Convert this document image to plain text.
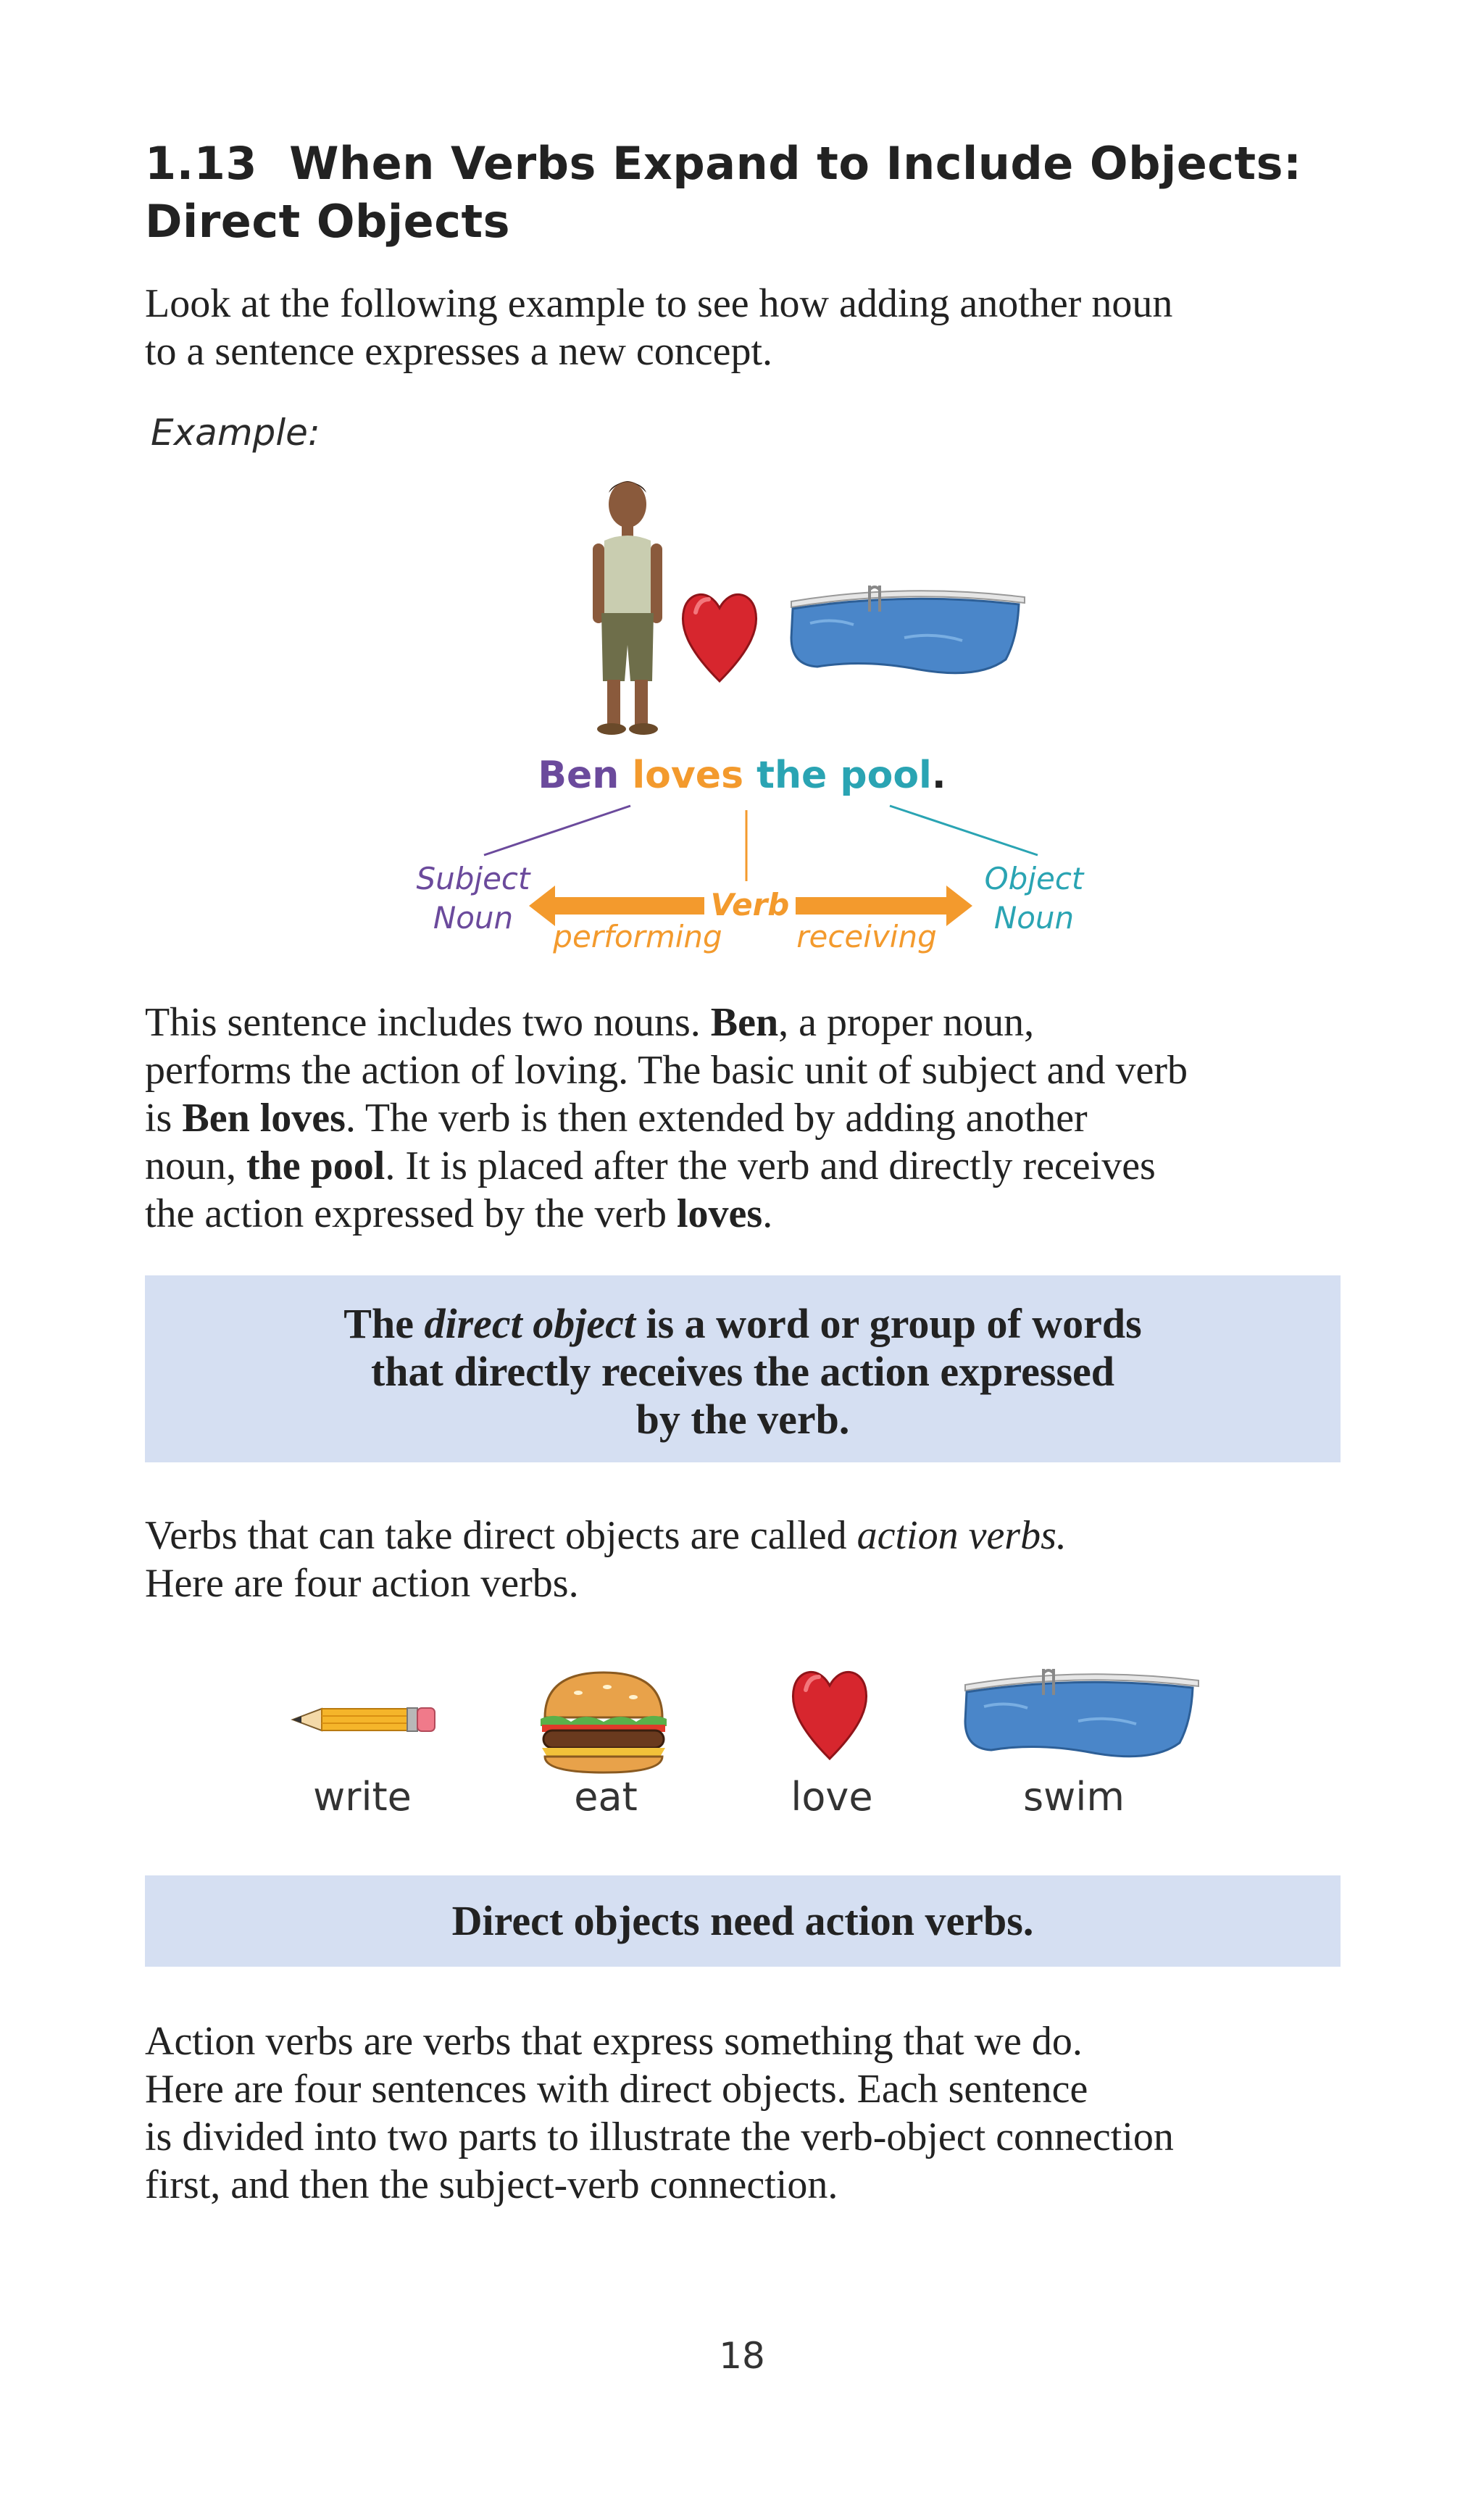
1.13 When Verbs Expand to Include Objects:
Direct Objects

Look at the following example to see how adding another noun

to a sentence expresses a new concept.

Example:
Ben loves the pool.
Subject
Noun	Verb
performing	receiving
Object
Noun

This sentence includes two nouns. Ben, a proper noun,

performs the action of loving. The basic unit of subject and verb

is Ben loves. The verb is then extended by adding another

noun, the pool. It is placed after the verb and directly receives

the action expressed by the verb loves.

The direct object is a word or group of words
that directly receives the action expressed
by the verb.

Verbs that can take direct objects are called action verbs.

Here are four action verbs.

write	eat	love	swim
Direct objects need action verbs.

Action verbs are verbs that express something that we do.

Here are four sentences with direct objects. Each sentence

is divided into two parts to illustrate the verb-object connection

first, and then the subject-verb connection.

18
